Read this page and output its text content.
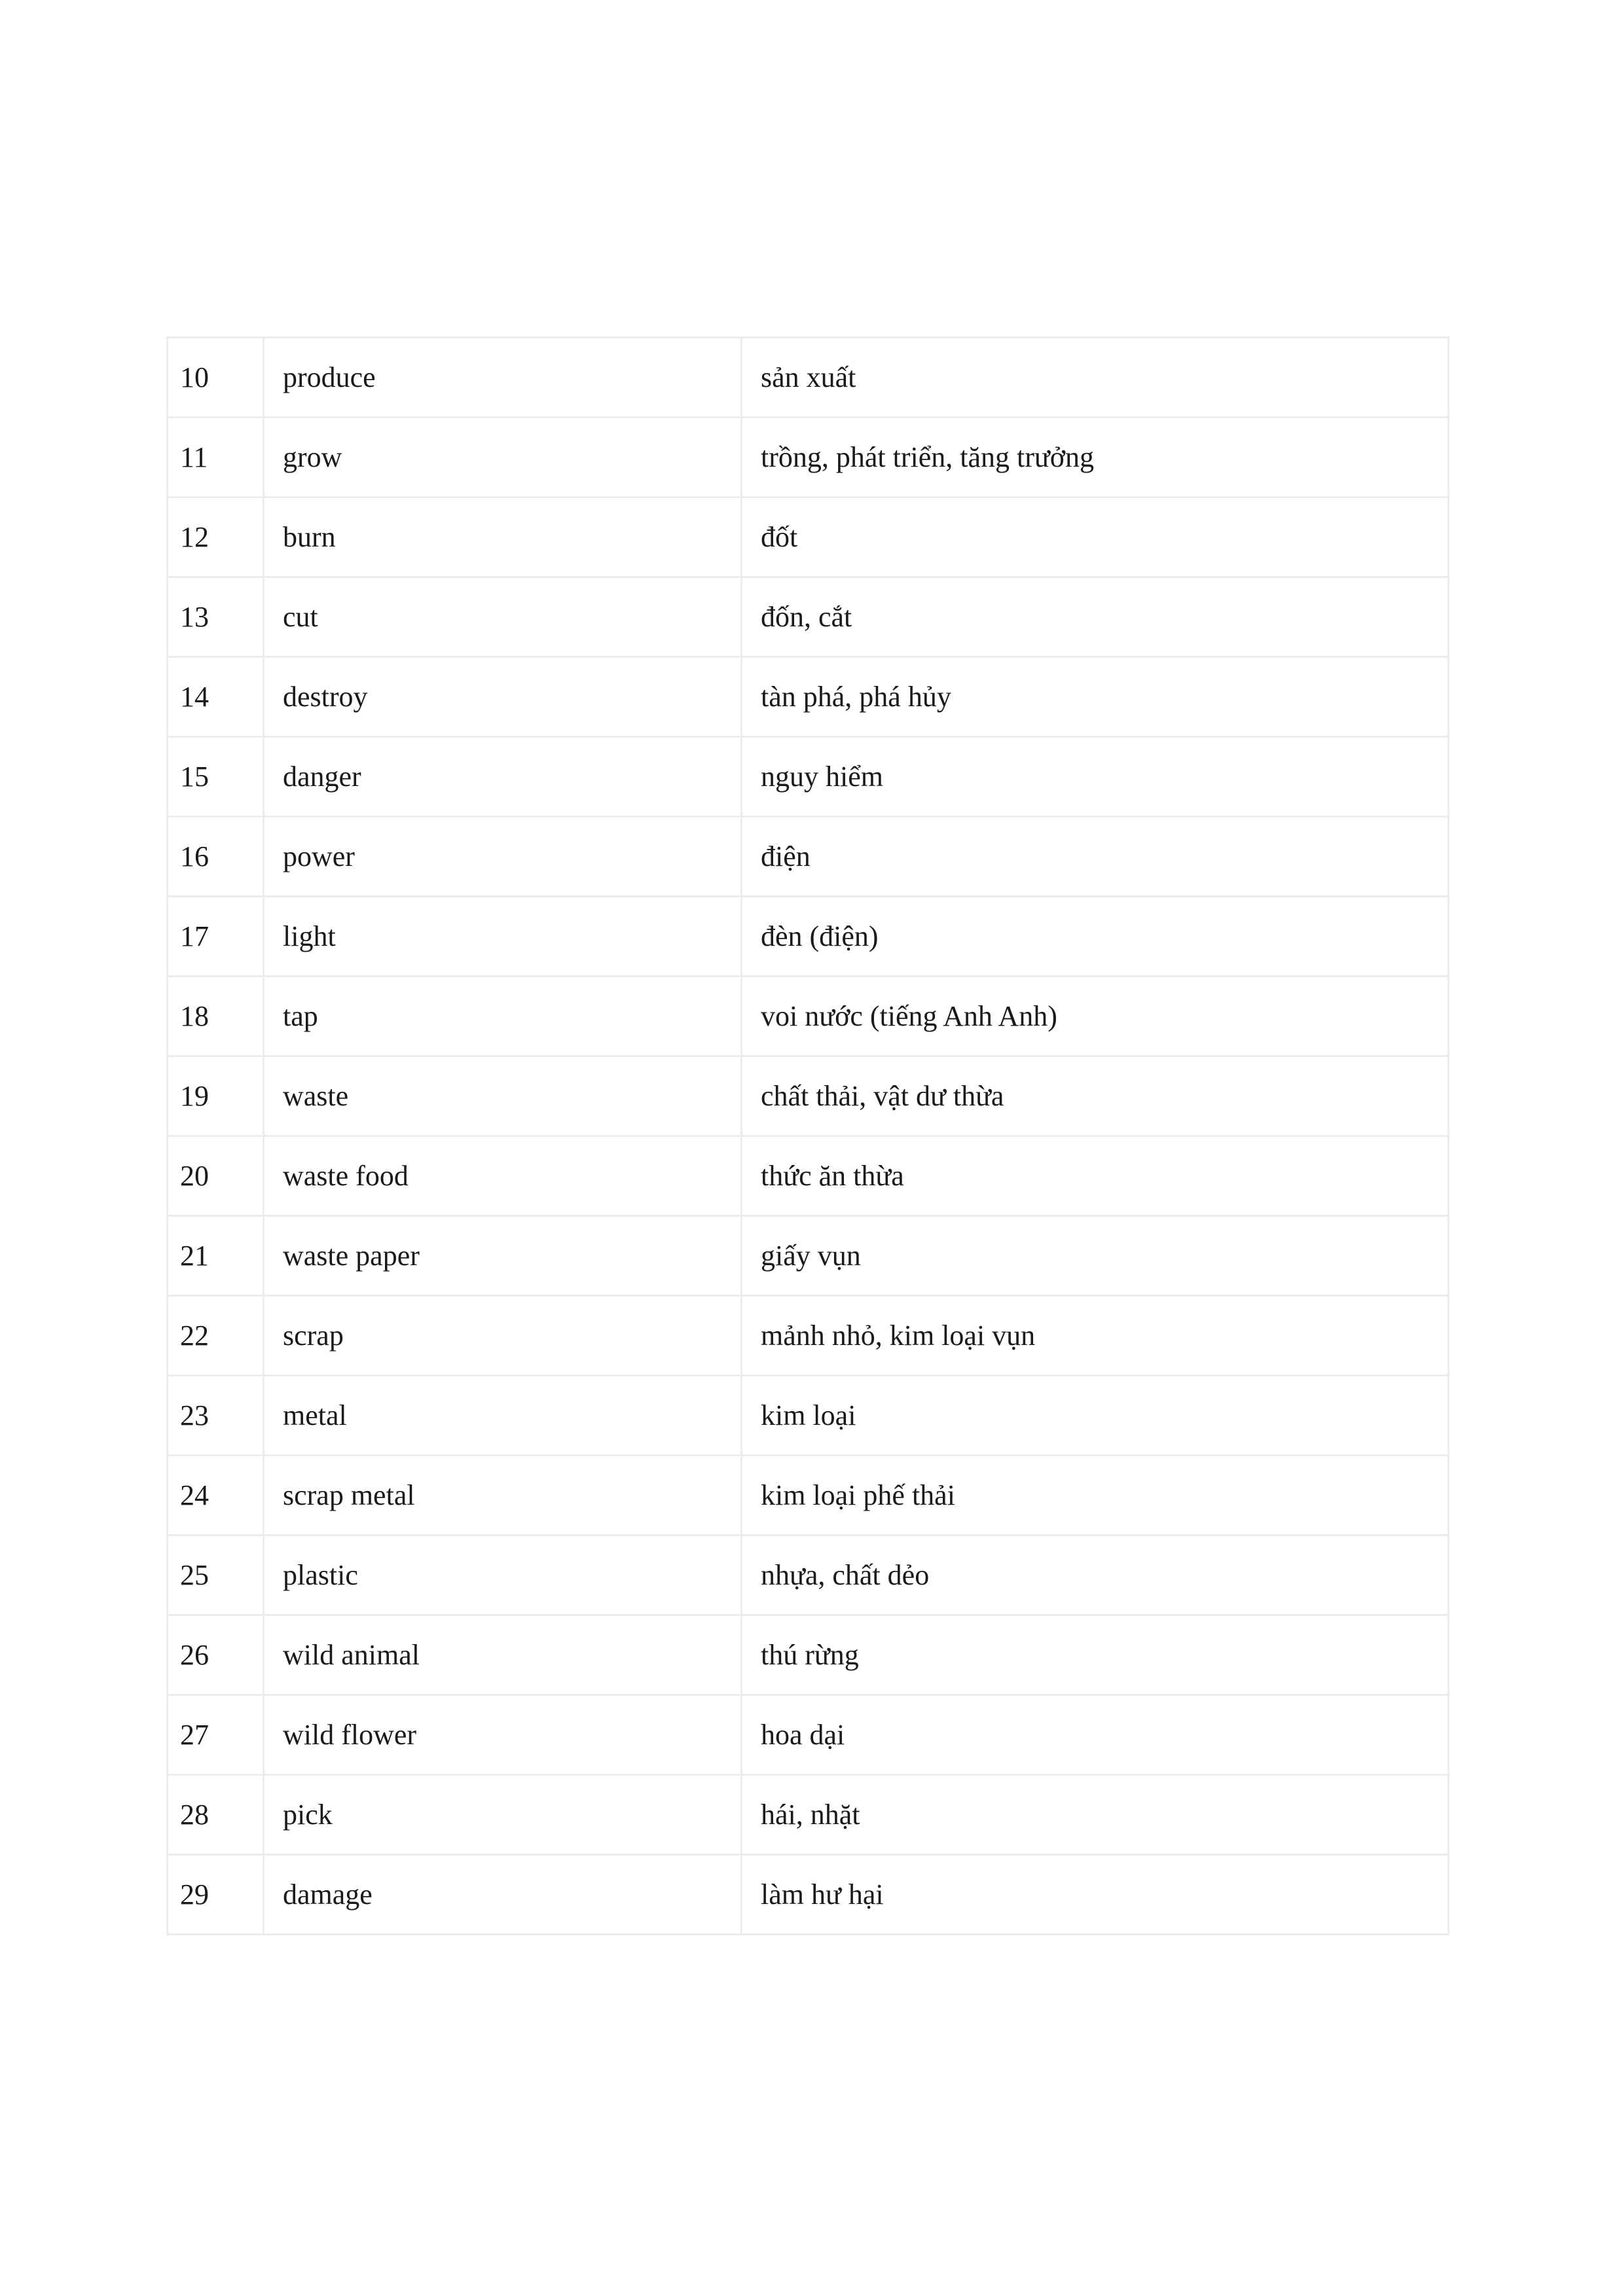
10	produce	sản xuất
11	grow	trồng, phát triển, tăng trưởng
12	burn	đốt
13	cut	đốn, cắt
14	destroy	tàn phá, phá hủy
15	danger	nguy hiểm
16	power	điện
17	light	đèn (điện)
18	tap	voi nước (tiếng Anh Anh)
19	waste	chất thải, vật dư thừa
20	waste food	thức ăn thừa
21	waste paper	giấy vụn
22	scrap	mảnh nhỏ, kim loại vụn
23	metal	kim loại
24	scrap metal	kim loại phế thải
25	plastic	nhựa, chất dẻo
26	wild animal	thú rừng
27	wild flower	hoa dại
28	pick	hái, nhặt
29	damage	làm hư hại
